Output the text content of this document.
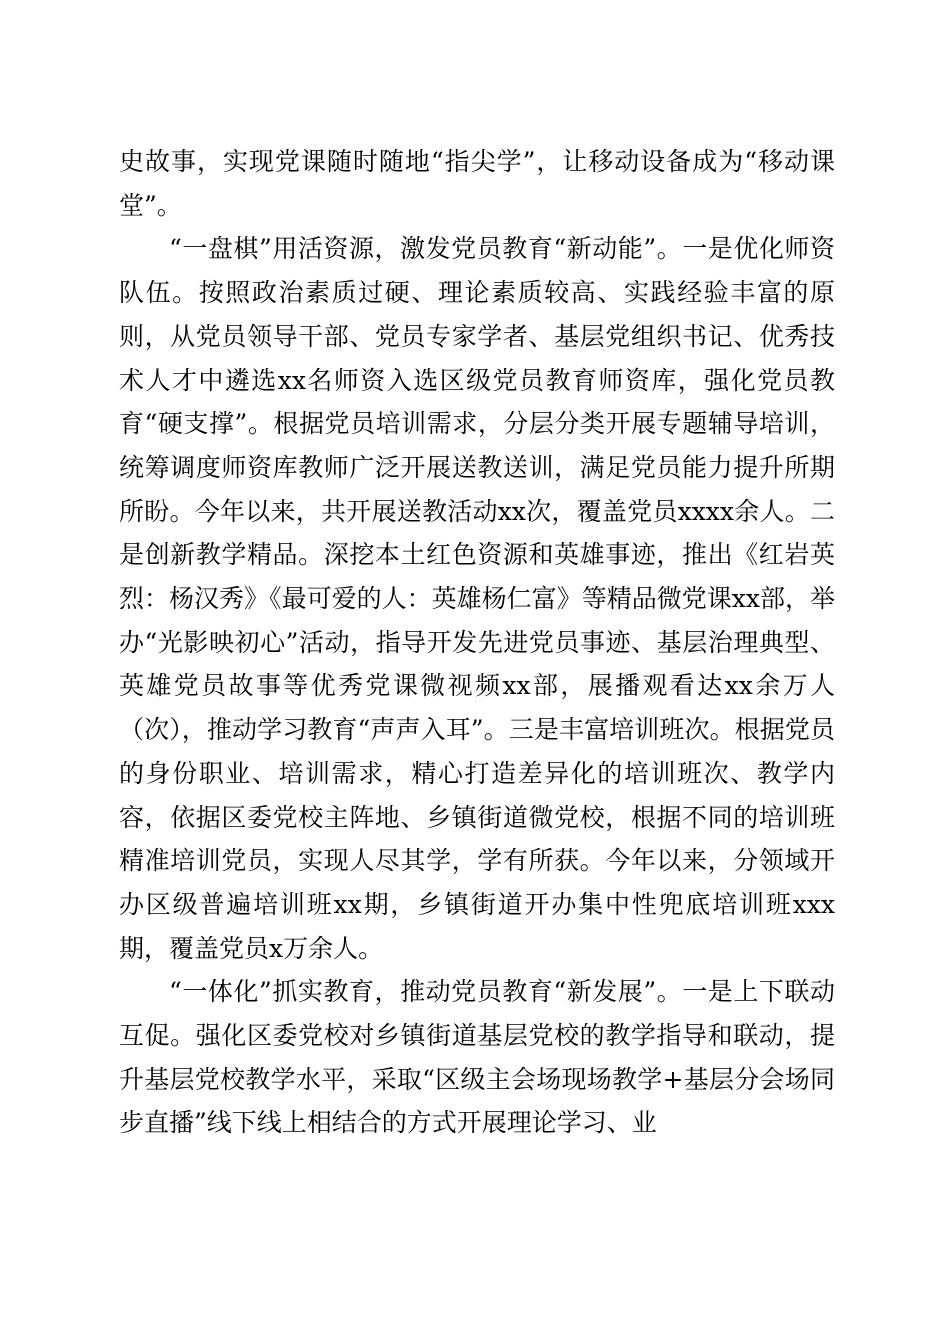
史故事，实现党课随时随地“指尖学”，让移动设备成为“移动课堂”。

“一盘棋”用活资源，激发党员教育“新动能”。一是优化师资队伍。按照政治素质过硬、理论素质较高、实践经验丰富的原则，从党员领导干部、党员专家学者、基层党组织书记、优秀技术人才中遴选xx名师资入选区级党员教育师资库，强化党员教育“硬支撑”。根据党员培训需求，分层分类开展专题辅导培训，统筹调度师资库教师广泛开展送教送训，满足党员能力提升所期所盼。今年以来，共开展送教活动xx次，覆盖党员xxxx余人。二是创新教学精品。深挖本土红色资源和英雄事迹，推出《红岩英烈：杨汉秀》《最可爱的人：英雄杨仁富》等精品微党课xx部，举办“光影映初心”活动，指导开发先进党员事迹、基层治理典型、英雄党员故事等优秀党课微视频xx部，展播观看达xx余万人（次），推动学习教育“声声入耳”。三是丰富培训班次。根据党员的身份职业、培训需求，精心打造差异化的培训班次、教学内容，依据区委党校主阵地、乡镇街道微党校，根据不同的培训班精准培训党员，实现人尽其学，学有所获。今年以来，分领域开办区级普遍培训班xx期，乡镇街道开办集中性兜底培训班xxx期，覆盖党员x万余人。

“一体化”抓实教育，推动党员教育“新发展”。一是上下联动互促。强化区委党校对乡镇街道基层党校的教学指导和联动，提升基层党校教学水平，采取“区级主会场现场教学+基层分会场同步直播”线下线上相结合的方式开展理论学习、业
